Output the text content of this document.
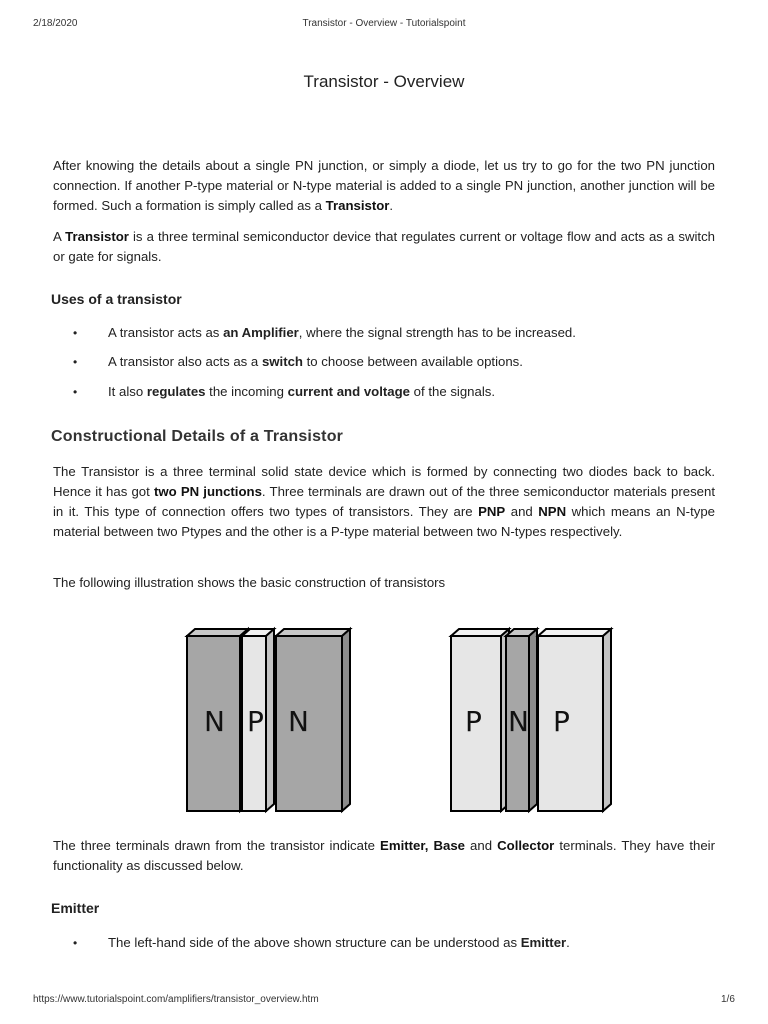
2/18/2020	Transistor - Overview - Tutorialspoint
Transistor - Overview

After knowing the details about a single PN junction, or simply a diode, let us try to go for the two PN junction connection. If another P-type material or N-type material is added to a single PN junction, another junction will be formed. Such a formation is simply called as a Transistor.

A Transistor is a three terminal semiconductor device that regulates current or voltage flow and acts as a switch or gate for signals.

Uses of a transistor

• A transistor acts as an Amplifier, where the signal strength has to be increased.

• A transistor also acts as a switch to choose between available options.

• It also regulates the incoming current and voltage of the signals.

Constructional Details of a Transistor

The Transistor is a three terminal solid state device which is formed by connecting two diodes back to back. Hence it has got two PN junctions. Three terminals are drawn out of the three semiconductor materials present in it. This type of connection offers two types of transistors. They are PNP and NPN which means an N-type material between two Ptypes and the other is a P-type material between two N-types respectively.

The following illustration shows the basic construction of transistors

N P N	P N P

The three terminals drawn from the transistor indicate Emitter, Base and Collector terminals. They have their functionality as discussed below.

Emitter

• The left-hand side of the above shown structure can be understood as Emitter.

https://www.tutorialspoint.com/amplifiers/transistor_overview.htm	1/6
